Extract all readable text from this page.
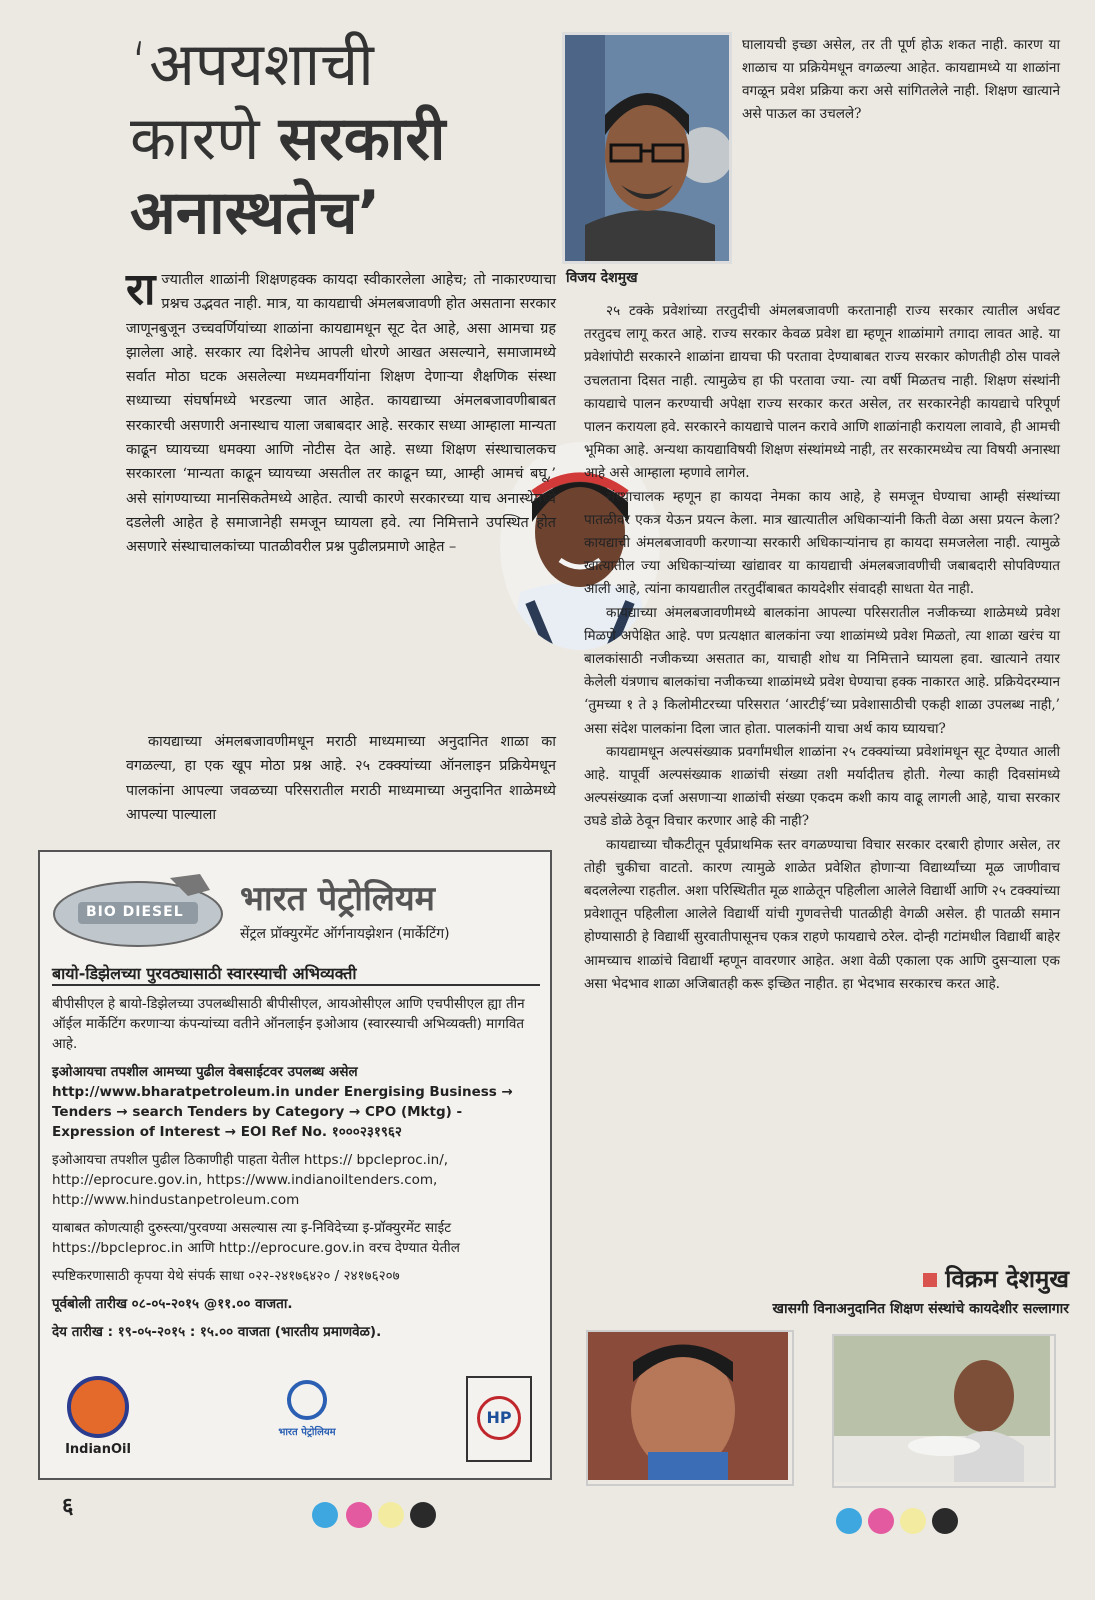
‘अपयशाची
कारणे सरकारी
अनास्थतेच’
विजय देशमुख

राज्यातील शाळांनी शिक्षणहक्क कायदा स्वीकारलेला आहेच; तो नाकारण्याचा प्रश्नच उद्भवत नाही. मात्र, या कायद्याची अंमलबजावणी होत असताना सरकार जाणूनबुजून उच्चवर्णियांच्या शाळांना कायद्यामधून सूट देत आहे, असा आमचा ग्रह झालेला आहे. सरकार त्या दिशेनेच आपली धोरणे आखत असल्याने, समाजामध्ये सर्वात मोठा घटक असलेल्या मध्यमवर्गीयांना शिक्षण देणाऱ्या शैक्षणिक संस्था सध्याच्या संघर्षामध्ये भरडल्या जात आहेत. कायद्याच्या अंमलबजावणीबाबत सरकारची असणारी अनास्थाच याला जबाबदार आहे. सरकार सध्या आम्हाला मान्यता काढून घ्यायच्या धमक्या आणि नोटीस देत आहे. सध्या शिक्षण संस्थाचालकच सरकारला ‘मान्यता काढून घ्यायच्या असतील तर काढून घ्या, आम्ही आमचं बघू,’ असे सांगण्याच्या मानसिकतेमध्ये आहेत. त्याची कारणे सरकारच्या याच अनास्थेमध्ये दडलेली आहेत हे समाजानेही समजून घ्यायला हवे. त्या निमित्ताने उपस्थित होत असणारे संस्थाचालकांच्या पातळीवरील प्रश्न पुढीलप्रमाणे आहेत –

कायद्याच्या अंमलबजावणीमधून मराठी माध्यमाच्या अनुदानित शाळा का वगळल्या, हा एक खूप मोठा प्रश्न आहे. २५ टक्क्यांच्या ऑनलाइन प्रक्रियेमधून पालकांना आपल्या जवळच्या परिसरातील मराठी माध्यमाच्या अनुदानित शाळेमध्ये आपल्या पाल्याला

घालायची इच्छा असेल, तर ती पूर्ण होऊ शकत नाही. कारण या शाळाच या प्रक्रियेमधून वगळल्या आहेत. कायद्यामध्ये या शाळांना वगळून प्रवेश प्रक्रिया करा असे सांगितलेले नाही. शिक्षण खात्याने असे पाऊल का उचलले?

२५ टक्के प्रवेशांच्या तरतुदीची अंमलबजावणी करतानाही राज्य सरकार त्यातील अर्धवट तरतुदच लागू करत आहे. राज्य सरकार केवळ प्रवेश द्या म्हणून शाळांमागे तगादा लावत आहे. या प्रवेशांपोटी सरकारने शाळांना द्यायचा फी परतावा देण्याबाबत राज्य सरकार कोणतीही ठोस पावले उचलताना दिसत नाही. त्यामुळेच हा फी परतावा ज्या- त्या वर्षी मिळतच नाही. शिक्षण संस्थांनी कायद्याचे पालन करण्याची अपेक्षा राज्य सरकार करत असेल, तर सरकारनेही कायद्याचे परिपूर्ण पालन करायला हवे. सरकारने कायद्याचे पालन करावे आणि शाळांनाही करायला लावावे, ही आमची भूमिका आहे. अन्यथा कायद्याविषयी शिक्षण संस्थांमध्ये नाही, तर सरकारमध्येच त्या विषयी अनास्था आहे असे आम्हाला म्हणावे लागेल.

संस्थाचालक म्हणून हा कायदा नेमका काय आहे, हे समजून घेण्याचा आम्ही संस्थांच्या पातळीवर एकत्र येऊन प्रयत्न केला. मात्र खात्यातील अधिकाऱ्यांनी किती वेळा असा प्रयत्न केला? कायद्याची अंमलबजावणी करणाऱ्या सरकारी अधिकाऱ्यांनाच हा कायदा समजलेला नाही. त्यामुळे खात्यातील ज्या अधिकाऱ्यांच्या खांद्यावर या कायद्याची अंमलबजावणीची जबाबदारी सोपविण्यात आली आहे, त्यांना कायद्यातील तरतुदींबाबत कायदेशीर संवादही साधता येत नाही.

कायद्याच्या अंमलबजावणीमध्ये बालकांना आपल्या परिसरातील नजीकच्या शाळेमध्ये प्रवेश मिळणे अपेक्षित आहे. पण प्रत्यक्षात बालकांना ज्या शाळांमध्ये प्रवेश मिळतो, त्या शाळा खरंच या बालकांसाठी नजीकच्या असतात का, याचाही शोध या निमित्ताने घ्यायला हवा. खात्याने तयार केलेली यंत्रणाच बालकांचा नजीकच्या शाळांमध्ये प्रवेश घेण्याचा हक्क नाकारत आहे. प्रक्रियेदरम्यान ‘तुमच्या १ ते ३ किलोमीटरच्या परिसरात ‘आरटीई’च्या प्रवेशासाठीची एकही शाळा उपलब्ध नाही,’ असा संदेश पालकांना दिला जात होता. पालकांनी याचा अर्थ काय घ्यायचा?

कायद्यामधून अल्पसंख्याक प्रवर्गांमधील शाळांना २५ टक्क्यांच्या प्रवेशांमधून सूट देण्यात आली आहे. यापूर्वी अल्पसंख्याक शाळांची संख्या तशी मर्यादीतच होती. गेल्या काही दिवसांमध्ये अल्पसंख्याक दर्जा असणाऱ्या शाळांची संख्या एकदम कशी काय वाढू लागली आहे, याचा सरकार उघडे डोळे ठेवून विचार करणार आहे की नाही?

कायद्याच्या चौकटीतून पूर्वप्राथमिक स्तर वगळण्याचा विचार सरकार दरबारी होणार असेल, तर तोही चुकीचा वाटतो. कारण त्यामुळे शाळेत प्रवेशित होणाऱ्या विद्यार्थ्यांच्या मूळ जाणीवाच बदललेल्या राहतील. अशा परिस्थितीत मूळ शाळेतून पहिलीला आलेले विद्यार्थी आणि २५ टक्क्यांच्या प्रवेशातून पहिलीला आलेले विद्यार्थी यांची गुणवत्तेची पातळीही वेगळी असेल. ही पातळी समान होण्यासाठी हे विद्यार्थी सुरवातीपासूनच एकत्र राहणे फायद्याचे ठरेल. दोन्ही गटांमधील विद्यार्थी बाहेर आमच्याच शाळांचे विद्यार्थी म्हणून वावरणार आहेत. अशा वेळी एकाला एक आणि दुसऱ्याला एक असा भेदभाव शाळा अजिबातही करू इच्छित नाहीत. हा भेदभाव सरकारच करत आहे.

विक्रम देशमुख
खासगी विनाअनुदानित शिक्षण संस्थांचे कायदेशीर सल्लागार
BIO DIESEL भारत पेट्रोलियम
सेंट्रल प्रॉक्युरमेंट ऑर्गनायझेशन (मार्केटिंग)
बायो-डिझेलच्या पुरवठ्यासाठी स्वारस्याची अभिव्यक्ती

बीपीसीएल हे बायो-डिझेलच्या उपलब्धीसाठी बीपीसीएल, आयओसीएल आणि एचपीसीएल ह्या तीन ऑईल मार्केटिंग करणाऱ्या कंपन्यांच्या वतीने ऑनलाईन इओआय (स्वारस्याची अभिव्यक्ती) मागवित आहे.

इओआयचा तपशील आमच्या पुढील वेबसाईटवर उपलब्ध असेल http://www.bharatpetroleum.in under Energising Business → Tenders → search Tenders by Category → CPO (Mktg) - Expression of Interest → EOI Ref No. १०००२३१९६२

इओआयचा तपशील पुढील ठिकाणीही पाहता येतील https:// bpcleproc.in/, http://eprocure.gov.in, https://www.indianoiltenders.com, http://www.hindustanpetroleum.com

याबाबत कोणत्याही दुरुस्त्या/पुरवण्या असल्यास त्या इ-निविदेच्या इ-प्रॉक्युरमेंट साईट https://bpcleproc.in आणि http://eprocure.gov.in वरच देण्यात येतील

स्पष्टिकरणासाठी कृपया येथे संपर्क साधा ०२२-२४१७६४२० / २४१७६२०७

पूर्वबोली तारीख ०८-०५-२०१५ @११.०० वाजता.

देय तारीख : १९-०५-२०१५ : १५.०० वाजता (भारतीय प्रमाणवेळ).

IndianOil
भारत पेट्रोलियम
HP
६
